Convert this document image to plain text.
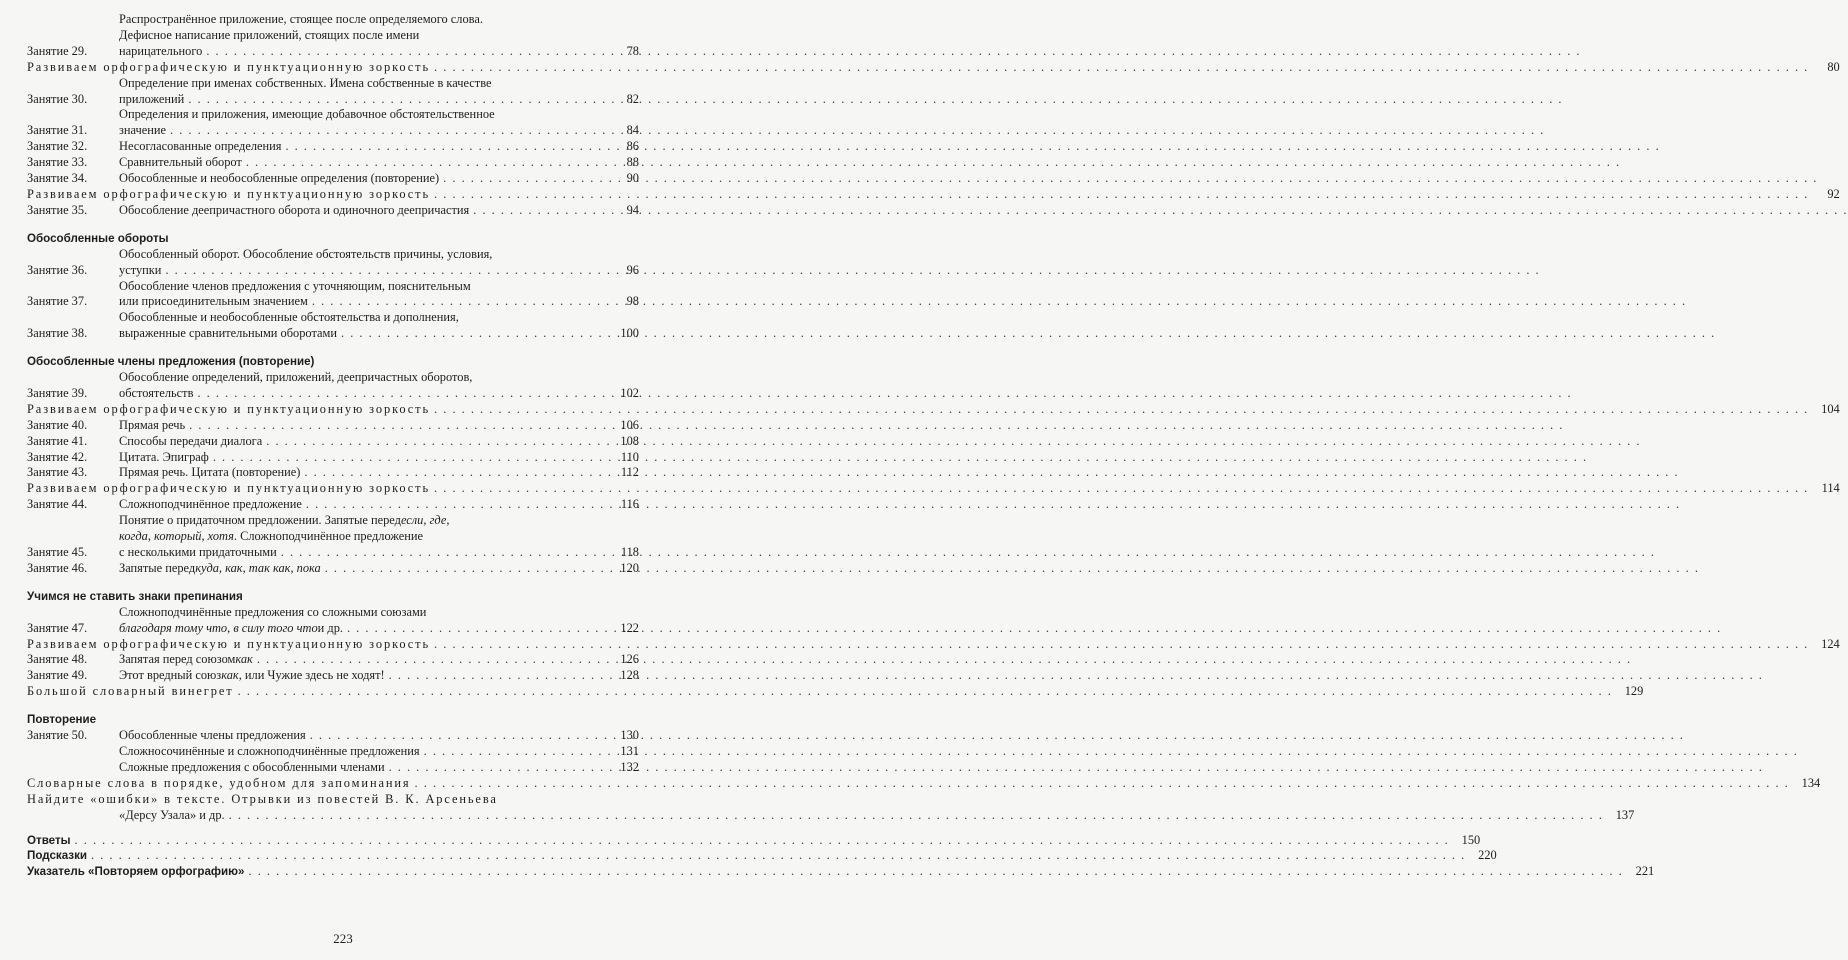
Занятие 29.
Распространённое приложение, стоящее после определяемого слова.
Дефисное написание приложений, стоящих после имени
нарицательного . . .	78
Развиваем орфографическую и пунктуационную зоркость . . .	80
Занятие 30.
Определение при именах собственных. Имена собственные в качестве
приложений . . .	82
Занятие 31.
Определения и приложения, имеющие добавочное обстоятельственное
значение . . .	84
Занятие 32.	Несогласованные определения . . .	86
Занятие 33.	Сравнительный оборот . . .	88
Занятие 34.	Обособленные и необособленные определения (повторение) . . .	90
Развиваем орфографическую и пунктуационную зоркость . . .	92
Занятие 35.	Обособление деепричастного оборота и одиночного деепричастия . . .	94
Обособленные обороты
Занятие 36.
Обособленный оборот. Обособление обстоятельств причины, условия,
уступки . . .	96
Занятие 37.
Обособление членов предложения с уточняющим, пояснительным
или присоединительным значением . . .	98
Занятие 38.
Обособленные и необособленные обстоятельства и дополнения,
выраженные сравнительными оборотами . . .	100
Обособленные члены предложения (повторение)
Занятие 39.
Обособление определений, приложений, деепричастных оборотов,
обстоятельств . . .	102
Развиваем орфографическую и пунктуационную зоркость . . .	104
Занятие 40.	Прямая речь . . .	106
Занятие 41.	Способы передачи диалога . . .	108
Занятие 42.	Цитата. Эпиграф . . .	110
Занятие 43.	Прямая речь. Цитата (повторение) . . .	112
Развиваем орфографическую и пунктуационную зоркость . . .	114
Занятие 44.	Сложноподчинённое предложение . . .	116
Занятие 45.
Понятие о придаточном предложении. Запятые перед если, где,
когда, который, хотя . Сложноподчинённое предложение
с несколькими придаточными . . .	118
Занятие 46.	Запятые перед куда, как, так как, пока . . .	120
Учимся не ставить знаки препинания
Занятие 47.
Сложноподчинённые предложения со сложными союзами
благодаря тому что, в силу того что и др. . . .	122
Развиваем орфографическую и пунктуационную зоркость . . .	124
Занятие 48.	Запятая перед союзом как . . .	126
Занятие 49.	Этот вредный союз как , или Чужие здесь не ходят! . . .	128
Большой словарный винегрет . . .	129
Повторение
Занятие 50.	Обособленные члены предложения . . .	130
Сложносочинённые и сложноподчинённые предложения . . .	131
Сложные предложения с обособленными членами . . .	132
Словарные слова в порядке, удобном для запоминания . . .	134
Найдите «ошибки» в тексте. Отрывки из повестей В. К. Арсеньева
«Дерсу Узала» и др. . . .	137
Ответы . . .	150
Подсказки . . .	220
Указатель «Повторяем орфографию» . . .	221
223
